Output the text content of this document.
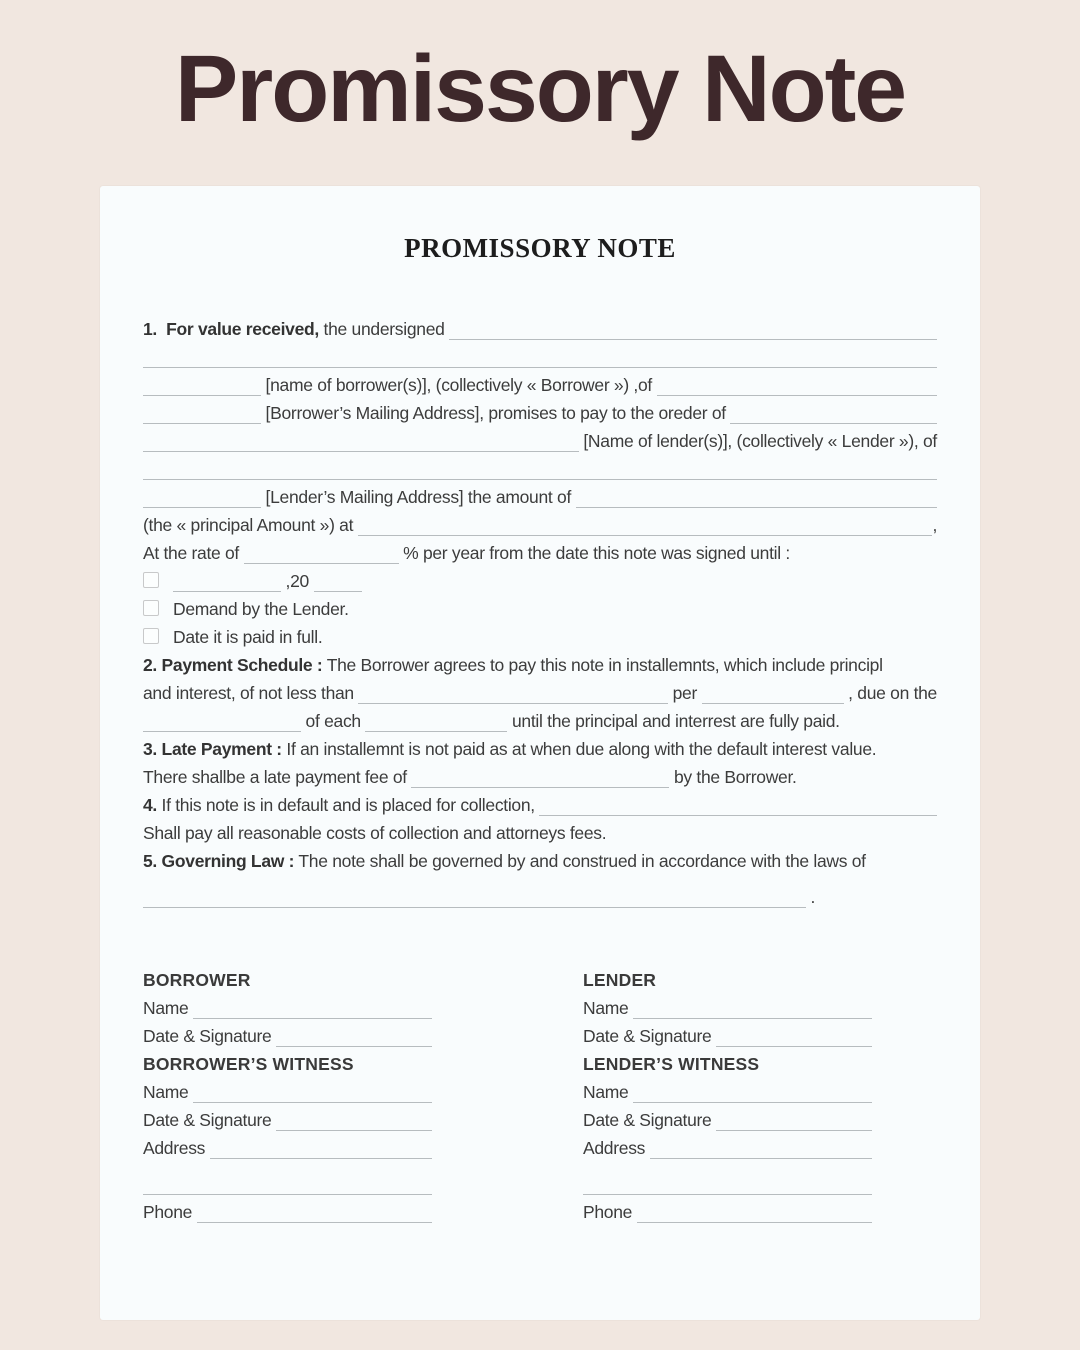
Promissory Note
PROMISSORY NOTE
1.  For value received, the undersigned
[name of borrower(s)], (collectively « Borrower ») ,of
[Borrower’s Mailing Address], promises to pay to the oreder of
[Name of lender(s)], (collectively « Lender »), of
[Lender’s Mailing Address] the amount of
(the « principal Amount ») at	,
At the rate of	% per year from the date this note was signed until :
,20
Demand by the Lender.
Date it is paid in full.
2. Payment Schedule : The Borrower agrees to pay this note in installemnts, which include principl
and interest, of not less than	per	, due on the
of each	until the principal and interrest are fully paid.
3. Late Payment : If an installemnt is not paid as at when due along with the default interest value.
There shallbe a late payment fee of	by the Borrower.
4. If this note is in default and is placed for collection,
Shall pay all reasonable costs of collection and attorneys fees.
5. Governing Law : The note shall be governed by and construed in accordance with the laws of
.
BORROWER
Name
Date & Signature
BORROWER’S WITNESS
Name
Date & Signature
Address
Phone
LENDER
Name
Date & Signature
LENDER’S WITNESS
Name
Date & Signature
Address
Phone
